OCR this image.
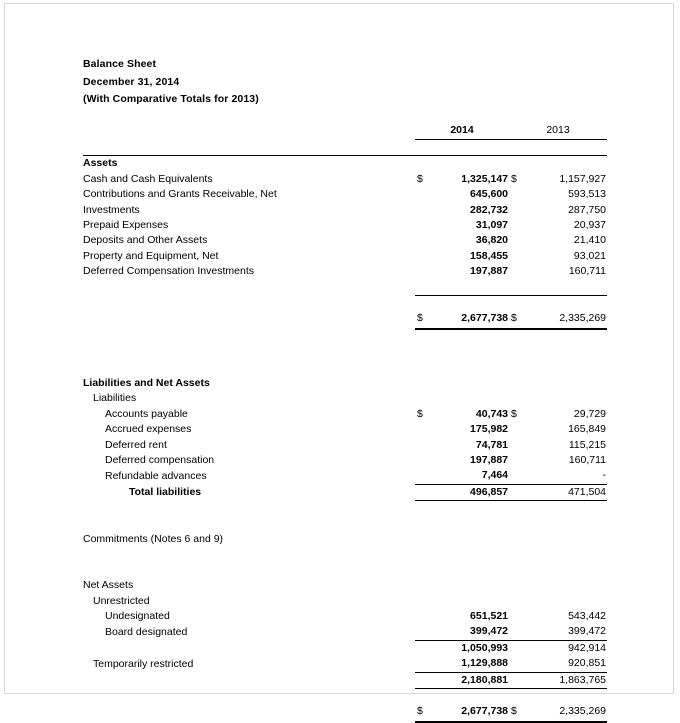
Balance Sheet
December 31, 2014
(With Comparative Totals for 2013)
	2014		2013	

Assets				
Cash and Cash Equivalents	$	1,325,147	$	1,157,927
Contributions and Grants Receivable, Net		645,600		593,513
Investments		282,732		287,750
Prepaid Expenses		31,097		20,937
Deposits and Other Assets		36,820		21,410
Property and Equipment, Net		158,455		93,021
Deferred Compensation Investments		197,887		160,711

	$	2,677,738	$	2,335,269

Liabilities and Net Assets				
Liabilities				
Accounts payable	$	40,743	$	29,729
Accrued expenses		175,982		165,849
Deferred rent		74,781		115,215
Deferred compensation		197,887		160,711
Refundable advances		7,464		-
Total liabilities		496,857		471,504

Commitments (Notes 6 and 9)				

Net Assets				
Unrestricted				
Undesignated		651,521		543,442
Board designated		399,472		399,472
		1,050,993		942,914
Temporarily restricted		1,129,888		920,851
		2,180,881		1,863,765

	$	2,677,738	$	2,335,269
